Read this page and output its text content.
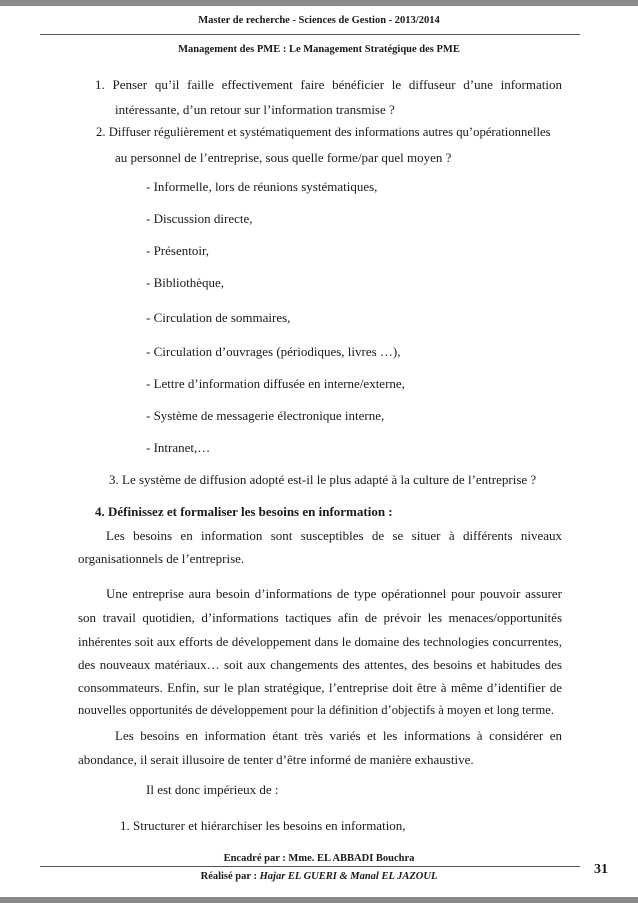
Master de recherche - Sciences de Gestion - 2013/2014
Management des PME : Le Management Stratégique des PME
1. Penser qu’il faille effectivement faire bénéficier le diffuseur d’une information
intéressante, d’un retour sur l’information transmise ?
2. Diffuser régulièrement et systématiquement des informations autres qu’opérationnelles
au personnel de l’entreprise, sous quelle forme/par quel moyen ?
- Informelle, lors de réunions systématiques,
- Discussion directe,
- Présentoir,
- Bibliothèque,
- Circulation de sommaires,
- Circulation d’ouvrages (périodiques, livres …),
- Lettre d’information diffusée en interne/externe,
- Système de messagerie électronique interne,
- Intranet,…
3. Le système de diffusion adopté est-il le plus adapté à la culture de l’entreprise ?
4. Définissez et formaliser les besoins en information :
Les besoins en information sont susceptibles de se situer à différents niveaux
organisationnels de l’entreprise.
Une entreprise aura besoin d’informations de type opérationnel pour pouvoir assurer
son travail quotidien, d’informations tactiques afin de prévoir les menaces/opportunités
inhérentes soit aux efforts de développement dans le domaine des technologies concurrentes,
des nouveaux matériaux… soit aux changements des attentes, des besoins et habitudes des
consommateurs. Enfin, sur le plan stratégique, l’entreprise doit être à même d’identifier de
nouvelles opportunités de développement pour la définition d’objectifs à moyen et long terme.
Les besoins en information étant très variés et les informations à considérer en
abondance, il serait illusoire de tenter d’être informé de manière exhaustive.
Il est donc impérieux de :
1. Structurer et hiérarchiser les besoins en information,
Encadré par : Mme. EL ABBADI Bouchra
Réalisé par : Hajar EL GUERI & Manal EL JAZOUL	31
